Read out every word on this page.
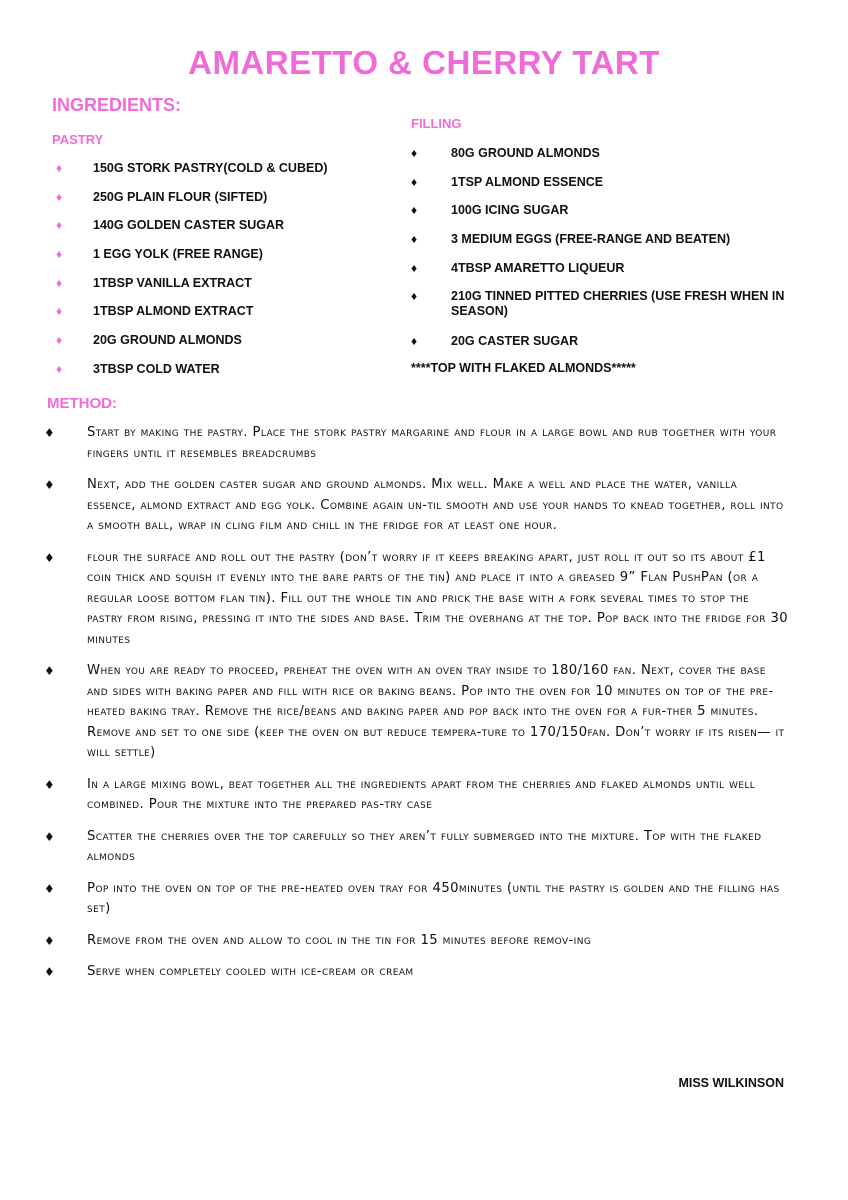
AMARETTO & CHERRY TART
INGREDIENTS:
PASTRY
♦	150G STORK PASTRY(COLD & CUBED)
♦	250G PLAIN FLOUR (SIFTED)
♦	140G GOLDEN CASTER SUGAR
♦	1 EGG YOLK (FREE RANGE)
♦	1TBSP VANILLA EXTRACT
♦	1TBSP ALMOND EXTRACT
♦	20G GROUND ALMONDS
♦	3TBSP COLD WATER
FILLING
♦	80G GROUND ALMONDS
♦	1TSP ALMOND ESSENCE
♦	100G ICING SUGAR
♦	3 MEDIUM EGGS (FREE-RANGE AND BEATEN)
♦	4TBSP AMARETTO LIQUEUR
♦	210G TINNED PITTED CHERRIES (USE FRESH WHEN IN SEASON)
♦	20G CASTER SUGAR

****TOP WITH FLAKED ALMONDS*****

METHOD:
♦ Start by making the pastry. Place the stork pastry margarine and flour in a large bowl and rub together with your fingers until it resembles breadcrumbs
♦ Next, add the golden caster sugar and ground almonds. Mix well. Make a well and place the water, vanilla essence, almond extract and egg yolk. Combine again un-til smooth and use your hands to knead together, roll into a smooth ball, wrap in cling film and chill in the fridge for at least one hour.
♦ flour the surface and roll out the pastry (don’t worry if it keeps breaking apart, just roll it out so its about £1 coin thick and squish it evenly into the bare parts of the tin) and place it into a greased 9” Flan PushPan (or a regular loose bottom flan tin). Fill out the whole tin and prick the base with a fork several times to stop the pastry from rising, pressing it into the sides and base. Trim the overhang at the top. Pop back into the fridge for 30 minutes
♦ When you are ready to proceed, preheat the oven with an oven tray inside to 180/160 fan. Next, cover the base and sides with baking paper and fill with rice or baking beans. Pop into the oven for 10 minutes on top of the pre-heated baking tray. Remove the rice/beans and baking paper and pop back into the oven for a fur-ther 5 minutes. Remove and set to one side (keep the oven on but reduce tempera-ture to 170/150fan. Don’t worry if its risen— it will settle)
♦ In a large mixing bowl, beat together all the ingredients apart from the cherries and flaked almonds until well combined. Pour the mixture into the prepared pas-try case
♦ Scatter the cherries over the top carefully so they aren’t fully submerged into the mixture. Top with the flaked almonds
♦ Pop into the oven on top of the pre-heated oven tray for 450minutes (until the pastry is golden and the filling has set)
♦ Remove from the oven and allow to cool in the tin for 15 minutes before remov-ing
♦ Serve when completely cooled with ice-cream or cream

MISS WILKINSON
